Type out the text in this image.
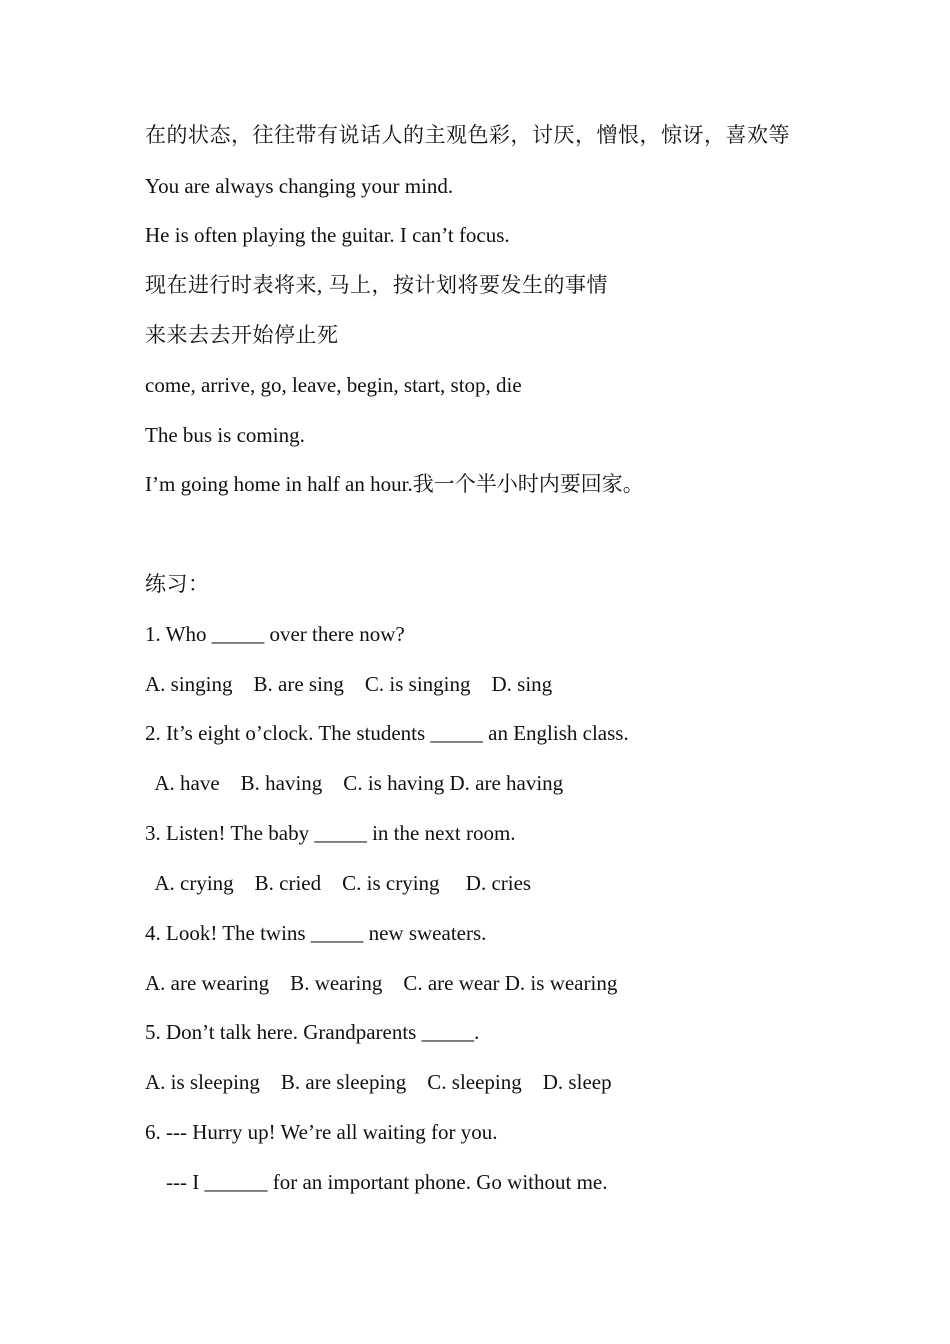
在的状态，往往带有说话人的主观色彩，讨厌，憎恨，惊讶，喜欢等
You are always changing your mind.
He is often playing the guitar. I can’t focus.
现在进行时表将来, 马上，按计划将要发生的事情
来来去去开始停止死
come, arrive, go, leave, begin, start, stop, die
The bus is coming.
I’m going home in half an hour.我一个半小时内要回家。
练习：
1. Who _____ over there now?
A. singing    B. are sing    C. is singing    D. sing
2. It’s eight o’clock. The students _____ an English class.
A. have    B. having    C. is having D. are having
3. Listen! The baby _____ in the next room.
A. crying    B. cried    C. is crying     D. cries
4. Look! The twins _____ new sweaters.
A. are wearing    B. wearing    C. are wear D. is wearing
5. Don’t talk here. Grandparents _____.
A. is sleeping    B. are sleeping    C. sleeping    D. sleep
6. --- Hurry up! We’re all waiting for you.
--- I ______ for an important phone. Go without me.
